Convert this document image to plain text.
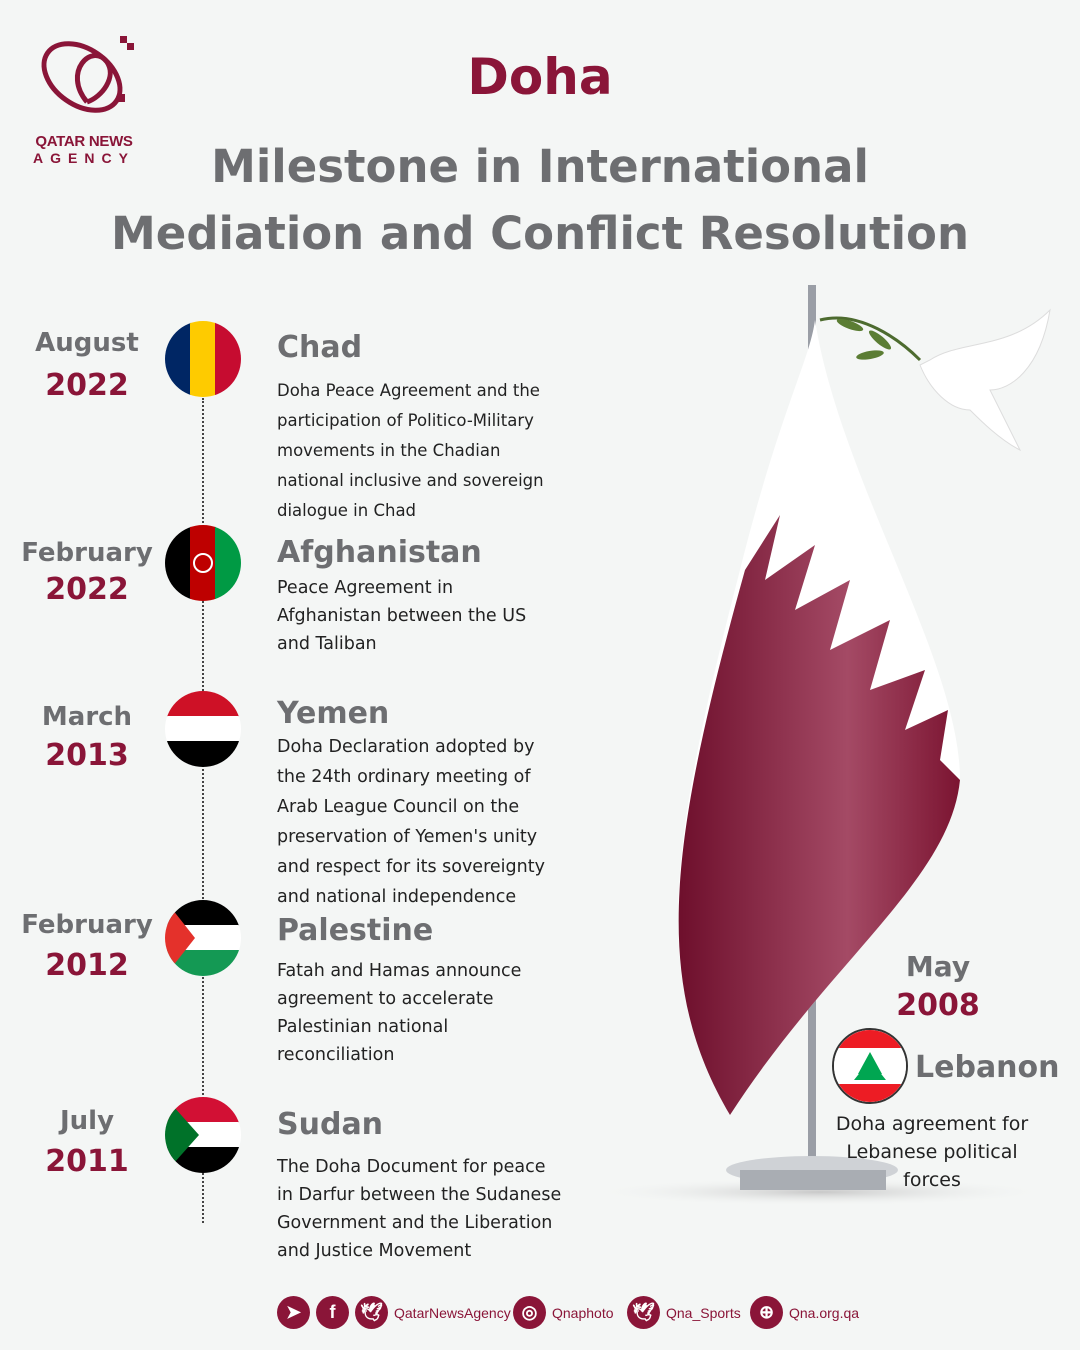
QATAR NEWS
AGENCY
Doha
Milestone in International
Mediation and Conflict Resolution
August
2022
Chad
Doha Peace Agreement and the participation of Politico-Military movements in the Chadian national inclusive and sovereign dialogue in Chad
February
2022
Afghanistan
Peace Agreement in Afghanistan between the US and Taliban
March
2013
Yemen
Doha Declaration adopted by the 24th ordinary meeting of Arab League Council on the preservation of Yemen's unity and respect for its sovereignty and national independence
February
2012
Palestine
Fatah and Hamas announce agreement to accelerate Palestinian national reconciliation
July
2011
Sudan
The Doha Document for peace in Darfur between the Sudanese Government and the Liberation and Justice Movement
May
2008
Lebanon
Doha agreement for Lebanese political forces
➤	f	🕊 QatarNewsAgency ◎	Qnaphoto 🕊 Qna_Sports	⊕	Qna.org.qa
